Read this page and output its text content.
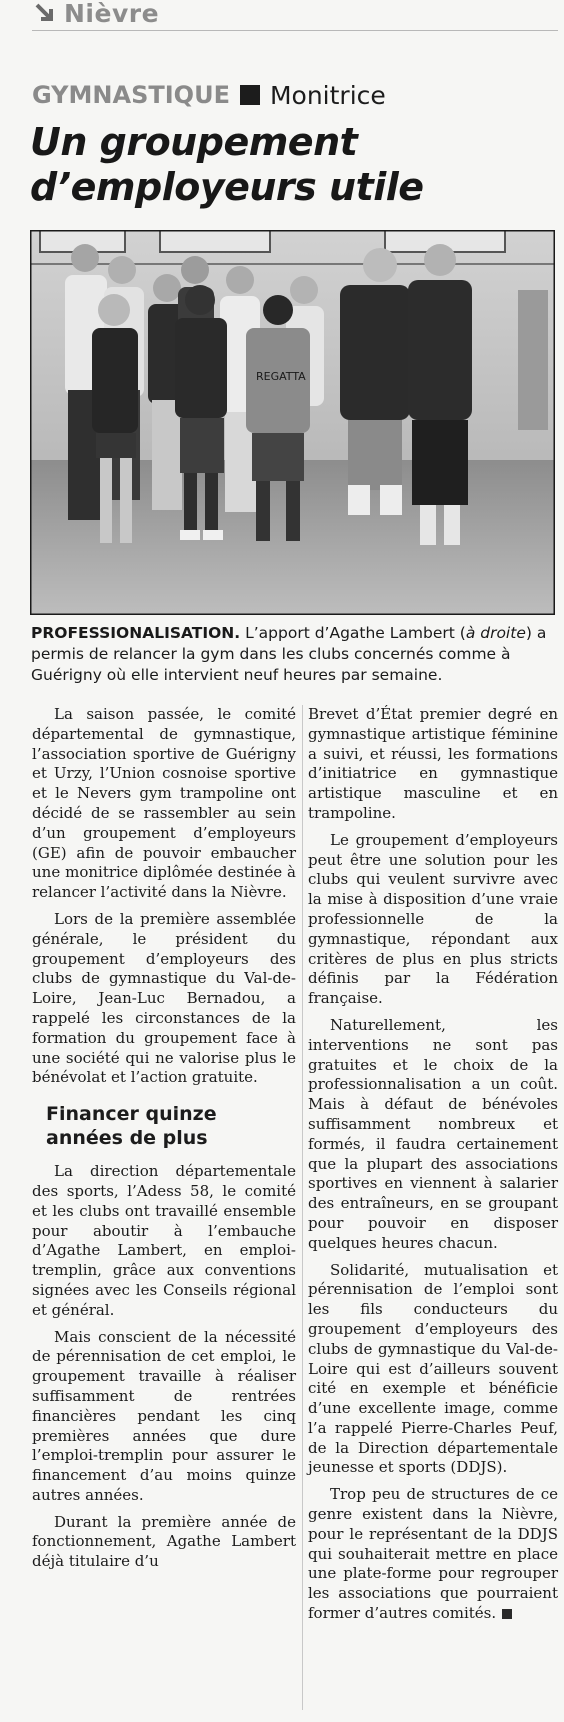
Nièvre
GYMNASTIQUE Monitrice
Un groupement d’employeurs utile
REGATTA

PROFESSIONALISATION. L’apport d’Agathe Lambert (à droite) a permis de relancer la gym dans les clubs concernés comme à Guérigny où elle intervient neuf heures par semaine.

La saison passée, le comité départemental de gymnastique, l’association sportive de Guérigny et Urzy, l’Union cosnoise sportive et le Nevers gym trampoline ont décidé de se rassembler au sein d’un groupement d’employeurs (GE) afin de pouvoir embaucher une monitrice diplômée destinée à relancer l’activité dans la Nièvre.

Lors de la première assemblée générale, le président du groupement d’employeurs des clubs de gymnastique du Val-de-Loire, Jean-Luc Bernadou, a rappelé les circonstances de la formation du groupement face à une société qui ne valorise plus le bénévolat et l’action gratuite.

Financer quinze années de plus

La direction départementale des sports, l’Adess 58, le comité et les clubs ont travaillé ensemble pour aboutir à l’embauche d’Agathe Lambert, en emploi-tremplin, grâce aux conventions signées avec les Conseils régional et général.

Mais conscient de la nécessité de pérennisation de cet emploi, le groupement travaille à réaliser suffisamment de rentrées financières pendant les cinq premières années que dure l’emploi-tremplin pour assurer le financement d’au moins quinze autres années.

Durant la première année de fonctionnement, Agathe Lambert déjà titulaire d’u

Brevet d’État premier degré en gymnastique artistique féminine a suivi, et réussi, les formations d’initiatrice en gymnastique artistique masculine et en trampoline.

Le groupement d’employeurs peut être une solution pour les clubs qui veulent survivre avec la mise à disposition d’une vraie professionnelle de la gymnastique, répondant aux critères de plus en plus stricts définis par la Fédération française.

Naturellement, les interventions ne sont pas gratuites et le choix de la professionnalisation a un coût. Mais à défaut de bénévoles suffisamment nombreux et formés, il faudra certainement que la plupart des associations sportives en viennent à salarier des entraîneurs, en se groupant pour pouvoir en disposer quelques heures chacun.

Solidarité, mutualisation et pérennisation de l’emploi sont les fils conducteurs du groupement d’employeurs des clubs de gymnastique du Val-de-Loire qui est d’ailleurs souvent cité en exemple et bénéficie d’une excellente image, comme l’a rappelé Pierre-Charles Peuf, de la Direction départementale jeunesse et sports (DDJS).

Trop peu de structures de ce genre existent dans la Nièvre, pour le représentant de la DDJS qui souhaiterait mettre en place une plate-forme pour regrouper les associations que pourraient former d’autres comités.
